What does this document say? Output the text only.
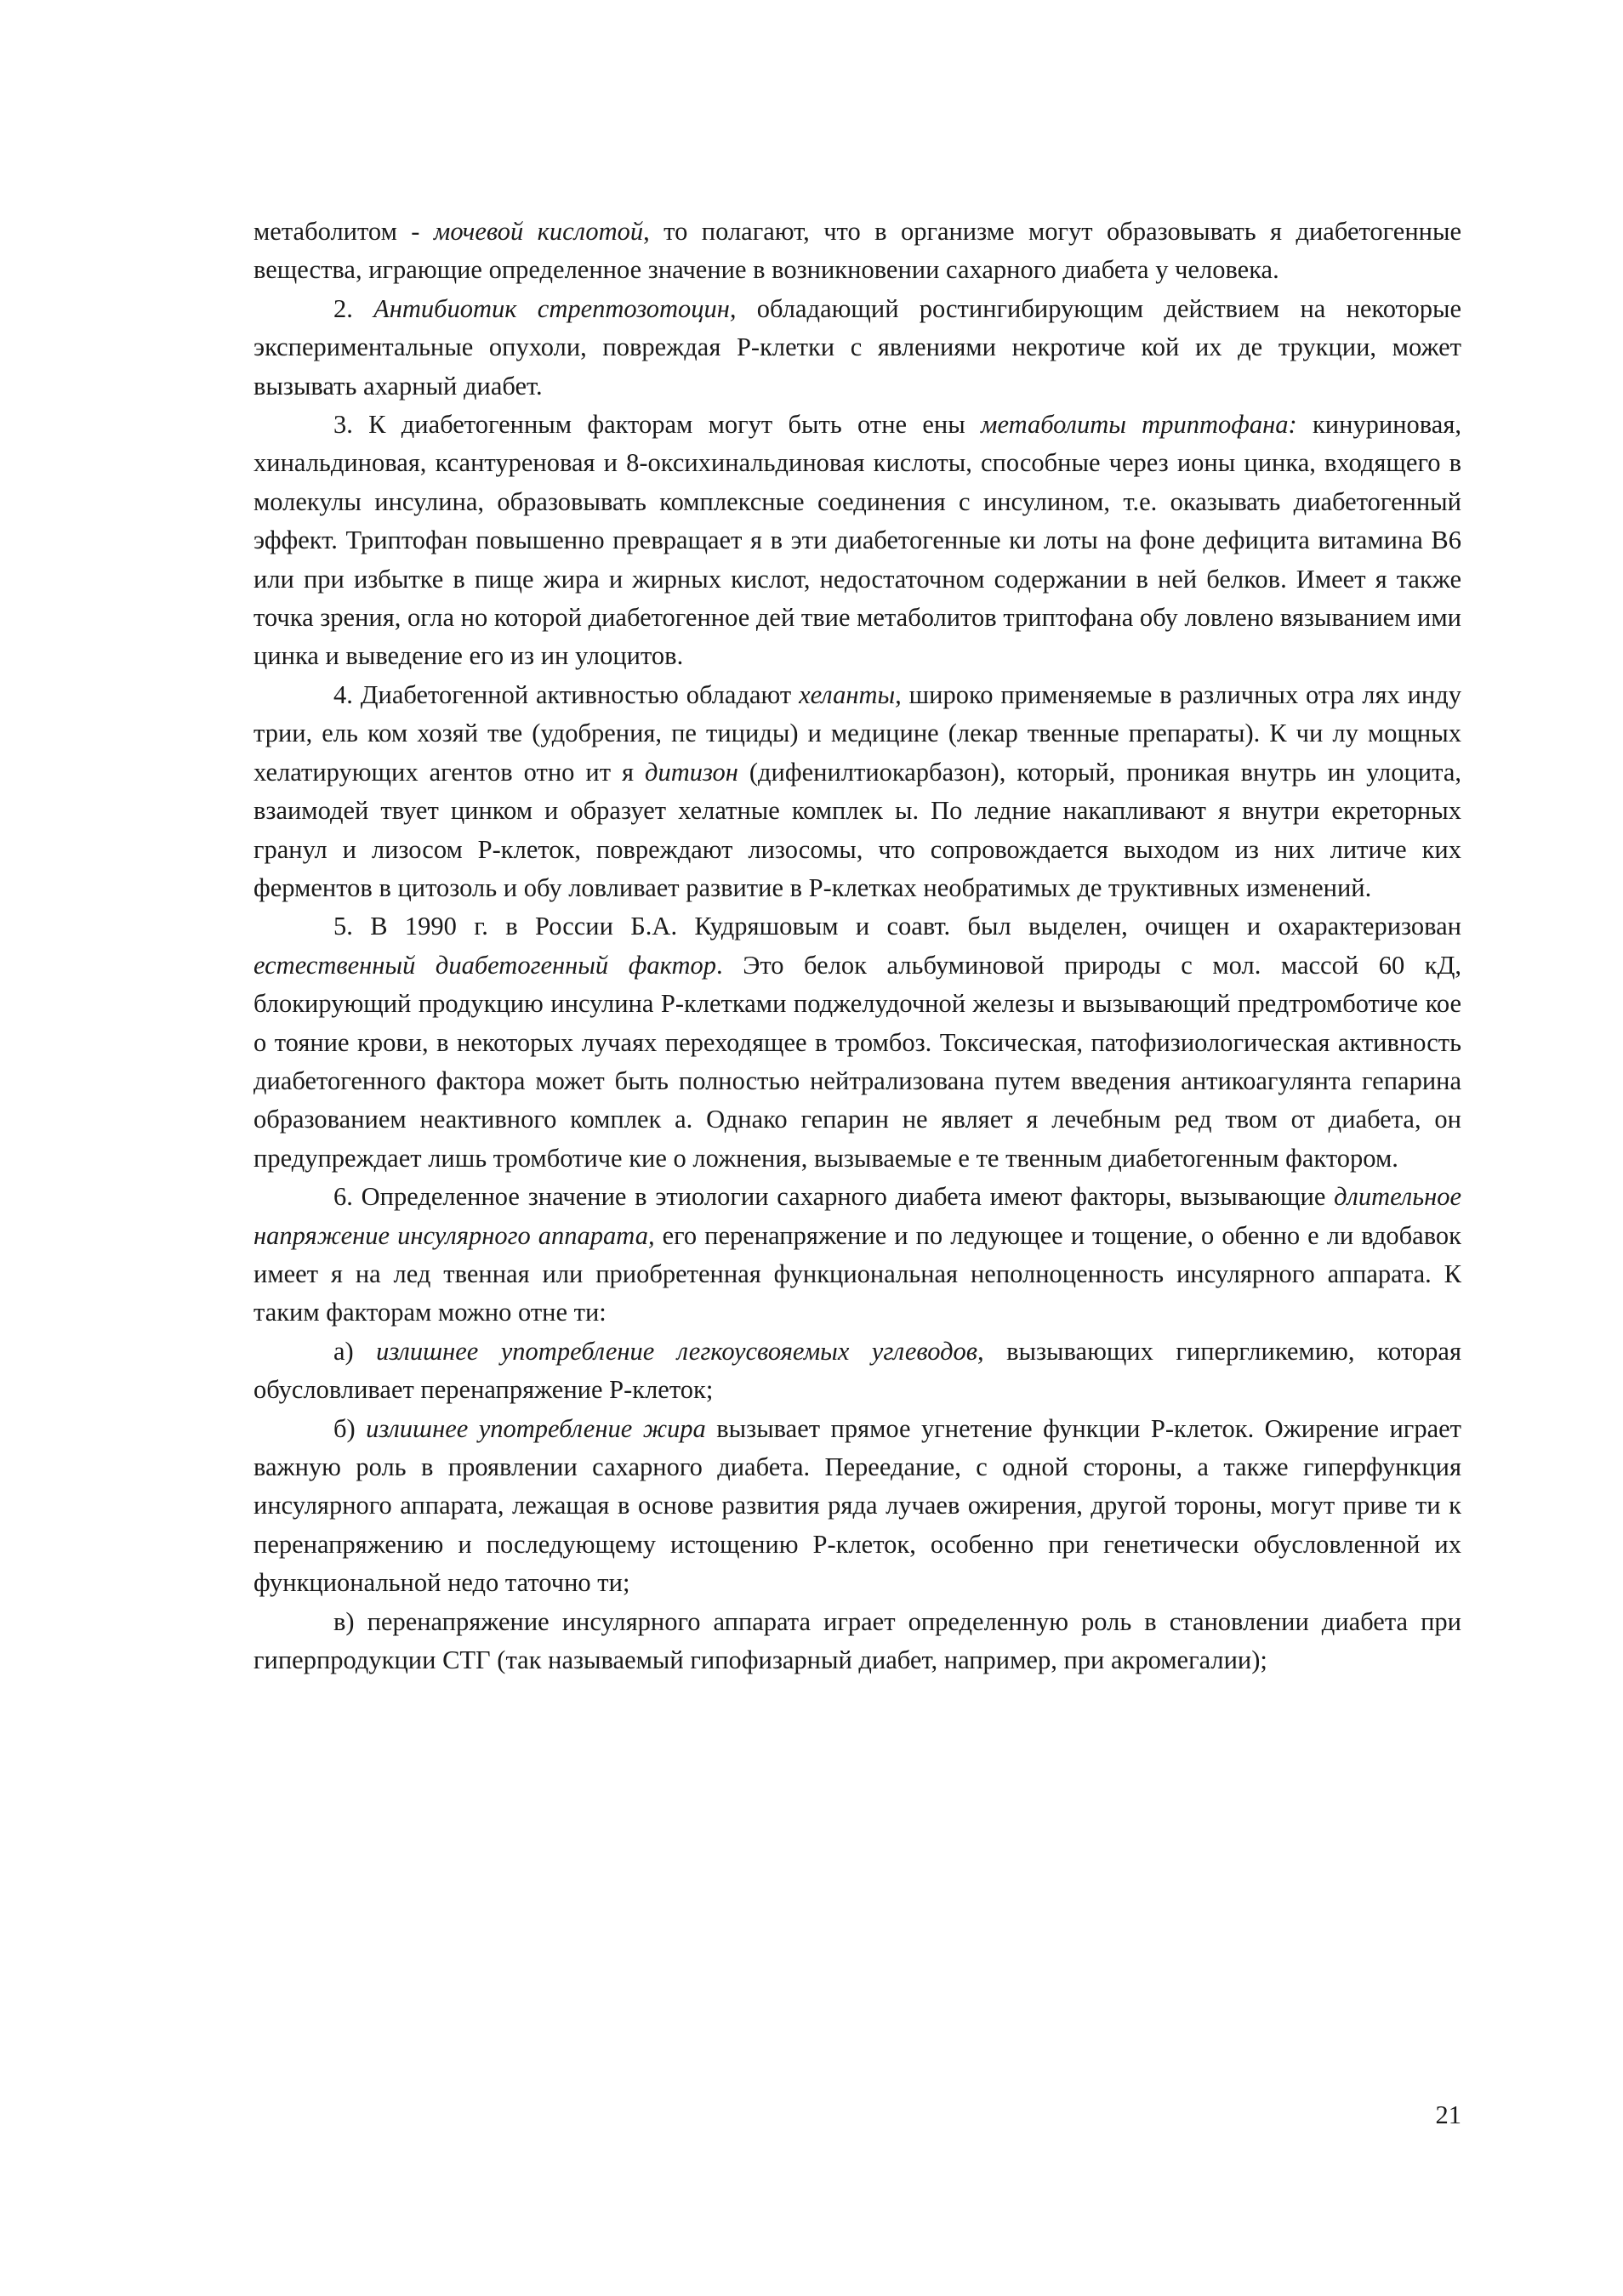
метаболитом - мочевой кислотой, то полагают, что в организме могут образовывать я диабетогенные вещества, играющие определенное значение в возникновении сахарного диабета у человека.

2. Антибиотик стрептозотоцин, обладающий ростингибирующим действием на некоторые экспериментальные опухоли, повреждая Р-клетки с явлениями некротиче кой их де трукции, может вызывать ахарный диабет.

3. К диабетогенным факторам могут быть отне ены метаболиты триптофана: кинуриновая, хинальдиновая, ксантуреновая и 8-оксихинальдиновая кислоты, способные через ионы цинка, входящего в молекулы инсулина, образовывать комплексные соединения с инсулином, т.е. оказывать диабетогенный эффект. Триптофан повышенно превращает я в эти диабетогенные ки лоты на фоне дефицита витамина В6 или при избытке в пище жира и жирных кислот, недостаточном содержании в ней белков. Имеет я также точка зрения, огла но которой диабетогенное дей твие метаболитов триптофана обу ловлено вязыванием ими цинка и выведение его из ин улоцитов.

4. Диабетогенной активностью обладают хеланты, широко применяемые в различных отра лях инду трии, ель ком хозяй тве (удобрения, пе тициды) и медицине (лекар твенные препараты). К чи лу мощных хелатирующих агентов отно ит я дитизон (дифенилтиокарбазон), который, проникая внутрь ин улоцита, взаимодей твует цинком и образует хелатные комплек ы. По ледние накапливают я внутри екреторных гранул и лизосом Р-клеток, повреждают лизосомы, что сопровождается выходом из них литиче ких ферментов в цитозоль и обу ловливает развитие в Р-клетках необратимых де труктивных изменений.

5. В 1990 г. в России Б.А. Кудряшовым и соавт. был выделен, очищен и охарактеризован естественный диабетогенный фактор. Это белок альбуминовой природы с мол. массой 60 кД, блокирующий продукцию инсулина Р-клетками поджелудочной железы и вызывающий предтромботиче кое о тояние крови, в некоторых лучаях переходящее в тромбоз. Токсическая, патофизиологическая активность диабетогенного фактора может быть полностью нейтрализована путем введения антикоагулянта гепарина образованием неактивного комплек а. Однако гепарин не являет я лечебным ред твом от диабета, он предупреждает лишь тромботиче кие о ложнения, вызываемые е те твенным диабетогенным фактором.

6. Определенное значение в этиологии сахарного диабета имеют факторы, вызывающие длительное напряжение инсулярного аппарата, его перенапряжение и по ледующее и тощение, о обенно е ли вдобавок имеет я на лед твенная или приобретенная функциональная неполноценность инсулярного аппарата. К таким факторам можно отне ти:

а) излишнее употребление легкоусвояемых углеводов, вызывающих гипергликемию, которая обусловливает перенапряжение Р-клеток;

б) излишнее употребление жира вызывает прямое угнетение функции Р-клеток. Ожирение играет важную роль в проявлении сахарного диабета. Переедание, с одной стороны, а также гиперфункция инсулярного аппарата, лежащая в основе развития ряда лучаев ожирения, другой тороны, могут приве ти к перенапряжению и последующему истощению Р-клеток, особенно при генетически обусловленной их функциональной недо таточно ти;

в) перенапряжение инсулярного аппарата играет определенную роль в становлении диабета при гиперпродукции СТГ (так называемый гипофизарный диабет, например, при акромегалии);

21
